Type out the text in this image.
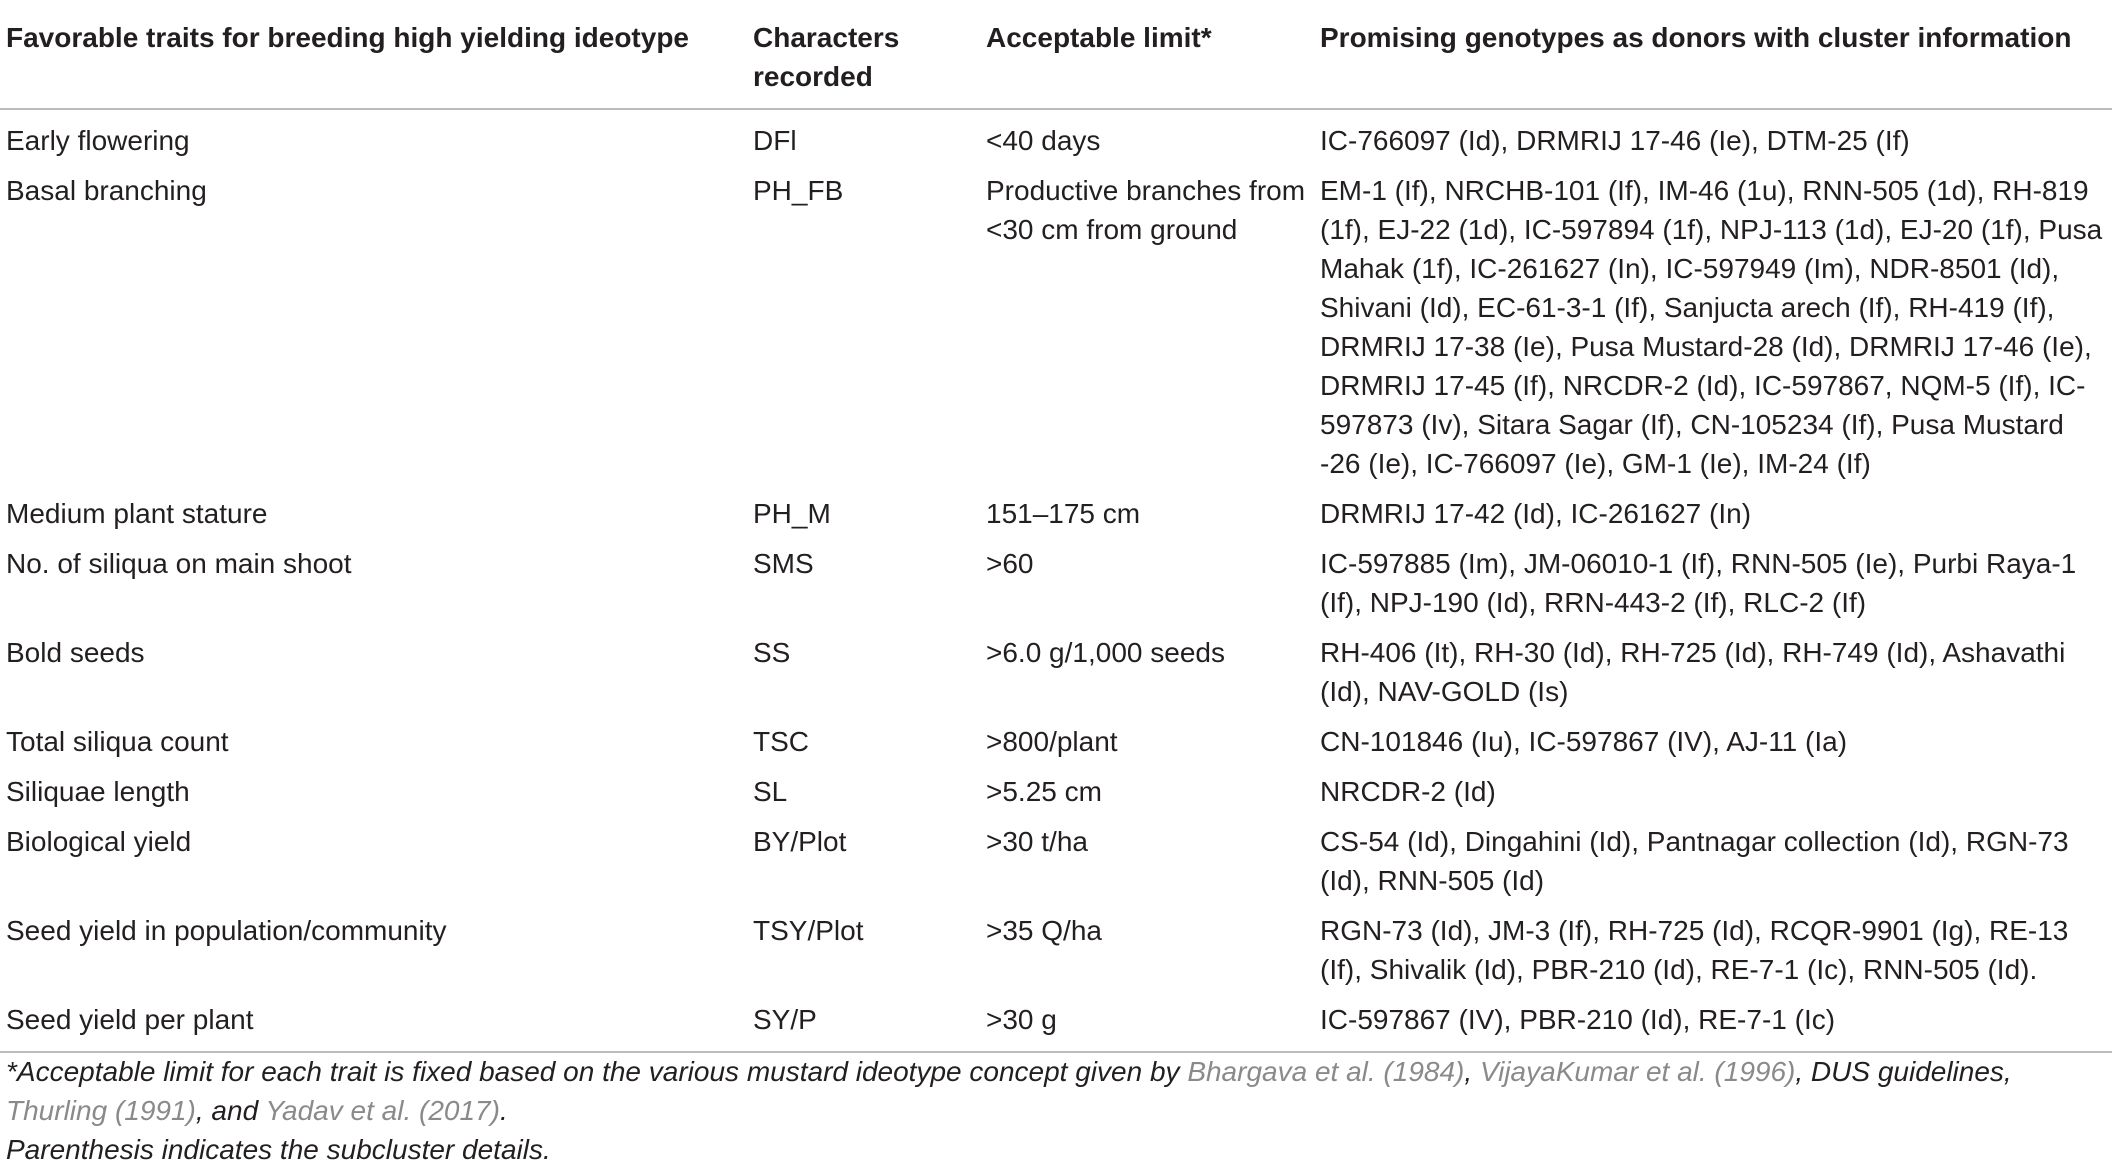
Favorable traits for breeding high yielding ideotype	Characters recorded	Acceptable limit*	Promising genotypes as donors with cluster information
Early flowering	DFl	<40 days	IC-766097 (Id), DRMRIJ 17-46 (Ie), DTM-25 (If)
Basal branching	PH_FB	Productive branches from <30 cm from ground	EM-1 (If), NRCHB-101 (If), IM-46 (1u), RNN-505 (1d), RH-819 (1f), EJ-22 (1d), IC-597894 (1f), NPJ-113 (1d), EJ-20 (1f), Pusa Mahak (1f), IC-261627 (In), IC-597949 (Im), NDR-8501 (Id), Shivani (Id), EC-61-3-1 (If), Sanjucta arech (If), RH-419 (If), DRMRIJ 17-38 (Ie), Pusa Mustard-28 (Id), DRMRIJ 17-46 (Ie), DRMRIJ 17-45 (If), NRCDR-2 (Id), IC-597867, NQM-5 (If), IC-597873 (Iv), Sitara Sagar (If), CN-105234 (If), Pusa Mustard -26 (Ie), IC-766097 (Ie), GM-1 (Ie), IM-24 (If)
Medium plant stature	PH_M	151–175 cm	DRMRIJ 17-42 (Id), IC-261627 (In)
No. of siliqua on main shoot	SMS	>60	IC-597885 (Im), JM-06010-1 (If), RNN-505 (Ie), Purbi Raya-1 (If), NPJ-190 (Id), RRN-443-2 (If), RLC-2 (If)
Bold seeds	SS	>6.0 g/1,000 seeds	RH-406 (It), RH-30 (Id), RH-725 (Id), RH-749 (Id), Ashavathi (Id), NAV-GOLD (Is)
Total siliqua count	TSC	>800/plant	CN-101846 (Iu), IC-597867 (IV), AJ-11 (Ia)
Siliquae length	SL	>5.25 cm	NRCDR-2 (Id)
Biological yield	BY/Plot	>30 t/ha	CS-54 (Id), Dingahini (Id), Pantnagar collection (Id), RGN-73 (Id), RNN-505 (Id)
Seed yield in population/community	TSY/Plot	>35 Q/ha	RGN-73 (Id), JM-3 (If), RH-725 (Id), RCQR-9901 (Ig), RE-13 (If), Shivalik (Id), PBR-210 (Id), RE-7-1 (Ic), RNN-505 (Id).
Seed yield per plant	SY/P	>30 g	IC-597867 (IV), PBR-210 (Id), RE-7-1 (Ic)

*Acceptable limit for each trait is fixed based on the various mustard ideotype concept given by Bhargava et al. (1984), VijayaKumar et al. (1996), DUS guidelines, Thurling (1991), and Yadav et al. (2017).

Parenthesis indicates the subcluster details.
